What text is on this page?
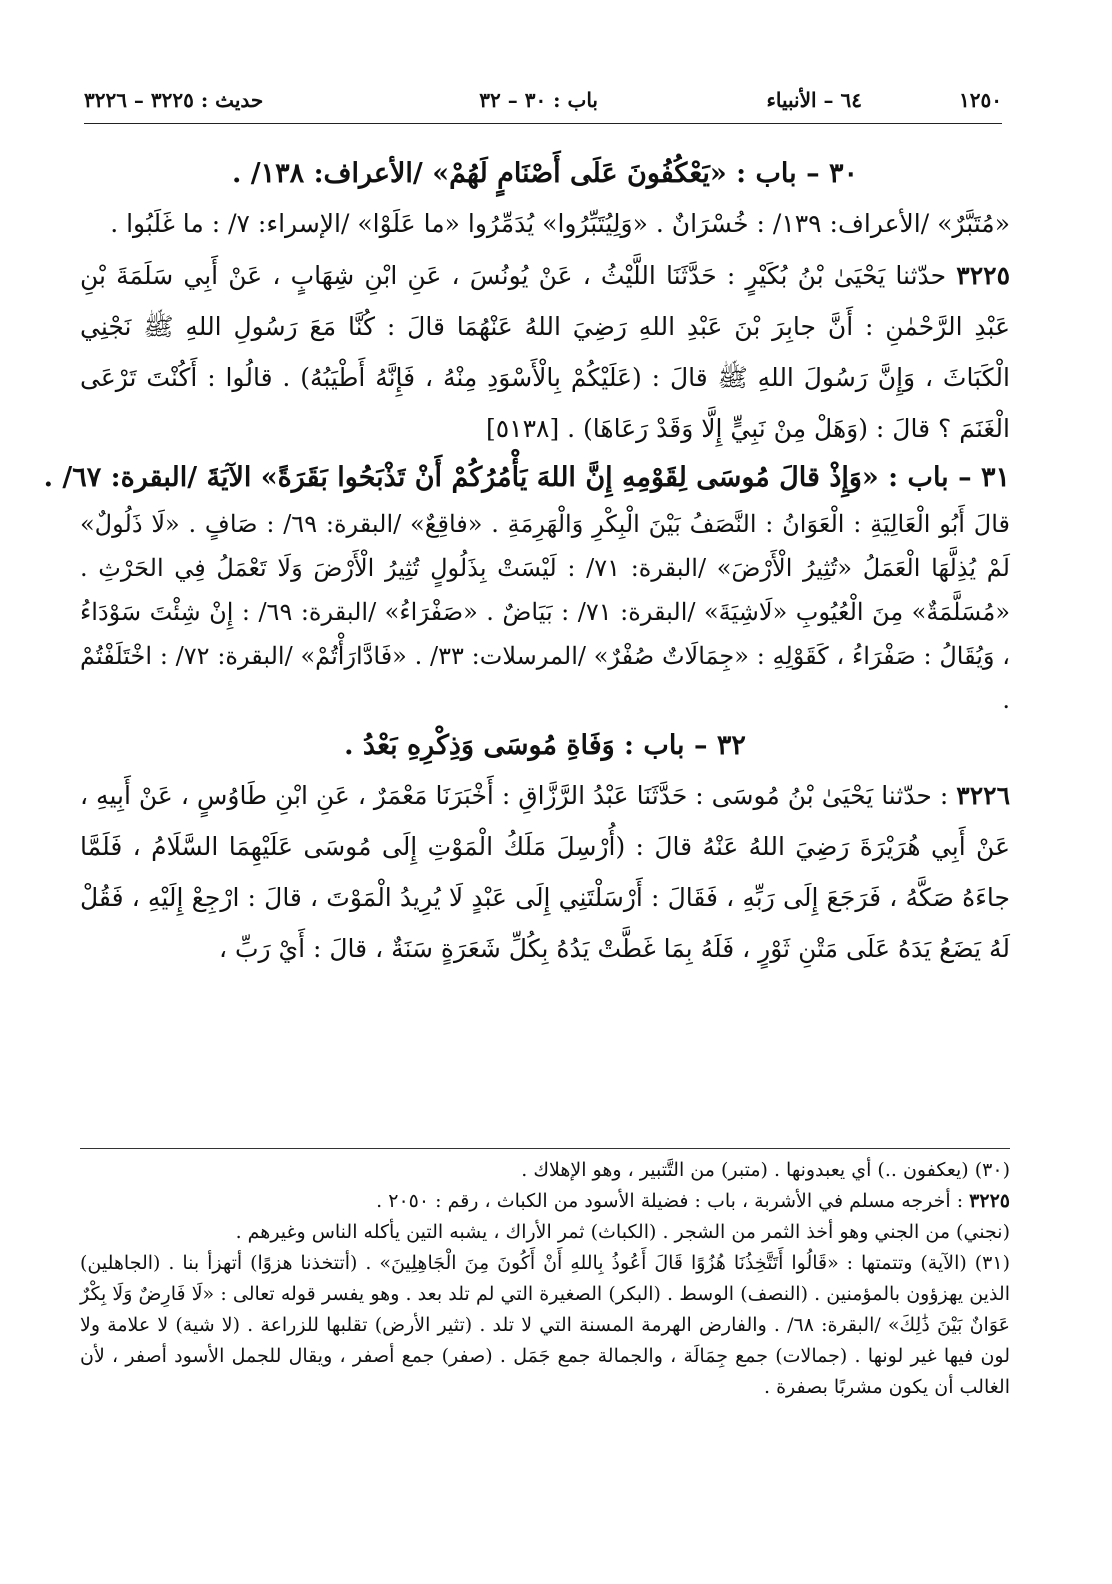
١٢٥٠
٦٤ – الأنبياء
باب : ٣٠ – ٣٢
حديث : ٣٢٢٥ – ٣٢٢٦

٣٠ – باب : «يَعْكُفُونَ عَلَى أَصْنَامٍ لَهُمْ» /الأعراف: ١٣٨/ .

«مُتَبَّرٌ» /الأعراف: ١٣٩/ : خُسْرَانٌ . «وَلِيُتَبِّرُوا» يُدَمِّرُوا «ما عَلَوْا» /الإسراء: ٧/ : ما غَلَبُوا .

٣٢٢٥ حدّثنا يَحْيَىٰ بْنُ بُكَيْرٍ : حَدَّثَنَا اللَّيْثُ ، عَنْ يُونُسَ ، عَنِ ابْنِ شِهَابٍ ، عَنْ أَبِي سَلَمَةَ بْنِ عَبْدِ الرَّحْمٰنِ : أَنَّ جابِرَ بْنَ عَبْدِ اللهِ رَضِيَ اللهُ عَنْهُمَا قالَ : كُنَّا مَعَ رَسُولِ اللهِ ﷺ نَجْنِي الْكَبَاثَ ، وَإِنَّ رَسُولَ اللهِ ﷺ قالَ : (عَلَيْكُمْ بِالْأَسْوَدِ مِنْهُ ، فَإِنَّهُ أَطْيَبُهُ) . قالُوا : أَكُنْتَ تَرْعَى الْغَنَمَ ؟ قالَ : (وَهَلْ مِنْ نَبِيٍّ إِلَّا وَقَدْ رَعَاهَا) . [٥١٣٨]

٣١ – باب : «وَإِذْ قالَ مُوسَى لِقَوْمِهِ إِنَّ اللهَ يَأْمُرُكُمْ أَنْ تَذْبَحُوا بَقَرَةً» الآيَةَ /البقرة: ٦٧/ .

قالَ أَبُو الْعَالِيَةِ : الْعَوَانُ : النَّصَفُ بَيْنَ الْبِكْرِ وَالْهَرِمَةِ . «فاقِعٌ» /البقرة: ٦٩/ : صَافٍ . «لَا ذَلُولٌ» لَمْ يُذِلَّهَا الْعَمَلُ «تُثِيرُ الْأَرْضَ» /البقرة: ٧١/ : لَيْسَتْ بِذَلُولٍ تُثِيرُ الْأَرْضَ وَلَا تَعْمَلُ فِي الحَرْثِ . «مُسَلَّمَةٌ» مِنَ الْعُيُوبِ «لَاشِيَةَ» /البقرة: ٧١/ : بَيَاضٌ . «صَفْرَاءُ» /البقرة: ٦٩/ : إِنْ شِئْتَ سَوْدَاءُ ، وَيُقَالُ : صَفْرَاءُ ، كَقَوْلِهِ : «جِمَالَاتٌ صُفْرٌ» /المرسلات: ٣٣/ . «فَادَّارَأْتُمْ» /البقرة: ٧٢/ : اخْتَلَفْتُمْ .

٣٢ – باب : وَفَاةِ مُوسَى وَذِكْرِهِ بَعْدُ .

٣٢٢٦ : حدّثنا يَحْيَىٰ بْنُ مُوسَى : حَدَّثَنَا عَبْدُ الرَّزَّاقِ : أَخْبَرَنَا مَعْمَرٌ ، عَنِ ابْنِ طَاوُسٍ ، عَنْ أَبِيهِ ، عَنْ أَبِي هُرَيْرَةَ رَضِيَ اللهُ عَنْهُ قالَ : (أُرْسِلَ مَلَكُ الْمَوْتِ إِلَى مُوسَى عَلَيْهِمَا السَّلَامُ ، فَلَمَّا جاءَهُ صَكَّهُ ، فَرَجَعَ إِلَى رَبِّهِ ، فَقَالَ : أَرْسَلْتَنِي إِلَى عَبْدٍ لَا يُرِيدُ الْمَوْتَ ، قالَ : ارْجِعْ إِلَيْهِ ، فَقُلْ لَهُ يَضَعُ يَدَهُ عَلَى مَتْنِ ثَوْرٍ ، فَلَهُ بِمَا غَطَّتْ يَدُهُ بِكُلِّ شَعَرَةٍ سَنَةٌ ، قالَ : أَيْ رَبِّ ،

(٣٠) (يعكفون ..) أي يعبدونها . (متبر) من التَّتبير ، وهو الإهلاك .

٣٢٢٥ : أخرجه مسلم في الأشربة ، باب : فضيلة الأسود من الكباث ، رقم : ٢٠٥٠ .

(نجني) من الجني وهو أخذ الثمر من الشجر . (الكباث) ثمر الأراك ، يشبه التين يأكله الناس وغيرهم .

(٣١) (الآية) وتتمتها : «قَالُوا أَتَتَّخِذُنَا هُزُوًا قَالَ أَعُوذُ بِاللهِ أَنْ أَكُونَ مِنَ الْجَاهِلِينَ» . (أتتخذنا هزوًا) أتهزأ بنا . (الجاهلين) الذين يهزؤون بالمؤمنين . (النصف) الوسط . (البكر) الصغيرة التي لم تلد بعد . وهو يفسر قوله تعالى : «لَا فَارِضٌ وَلَا بِكْرٌ عَوَانٌ بَيْنَ ذَٰلِكَ» /البقرة: ٦٨/ . والفارض الهرمة المسنة التي لا تلد . (تثير الأرض) تقلبها للزراعة . (لا شية) لا علامة ولا لون فيها غير لونها . (جمالات) جمع جِمَالَة ، والجمالة جمع جَمَل . (صفر) جمع أصفر ، ويقال للجمل الأسود أصفر ، لأن الغالب أن يكون مشربًا بصفرة .
